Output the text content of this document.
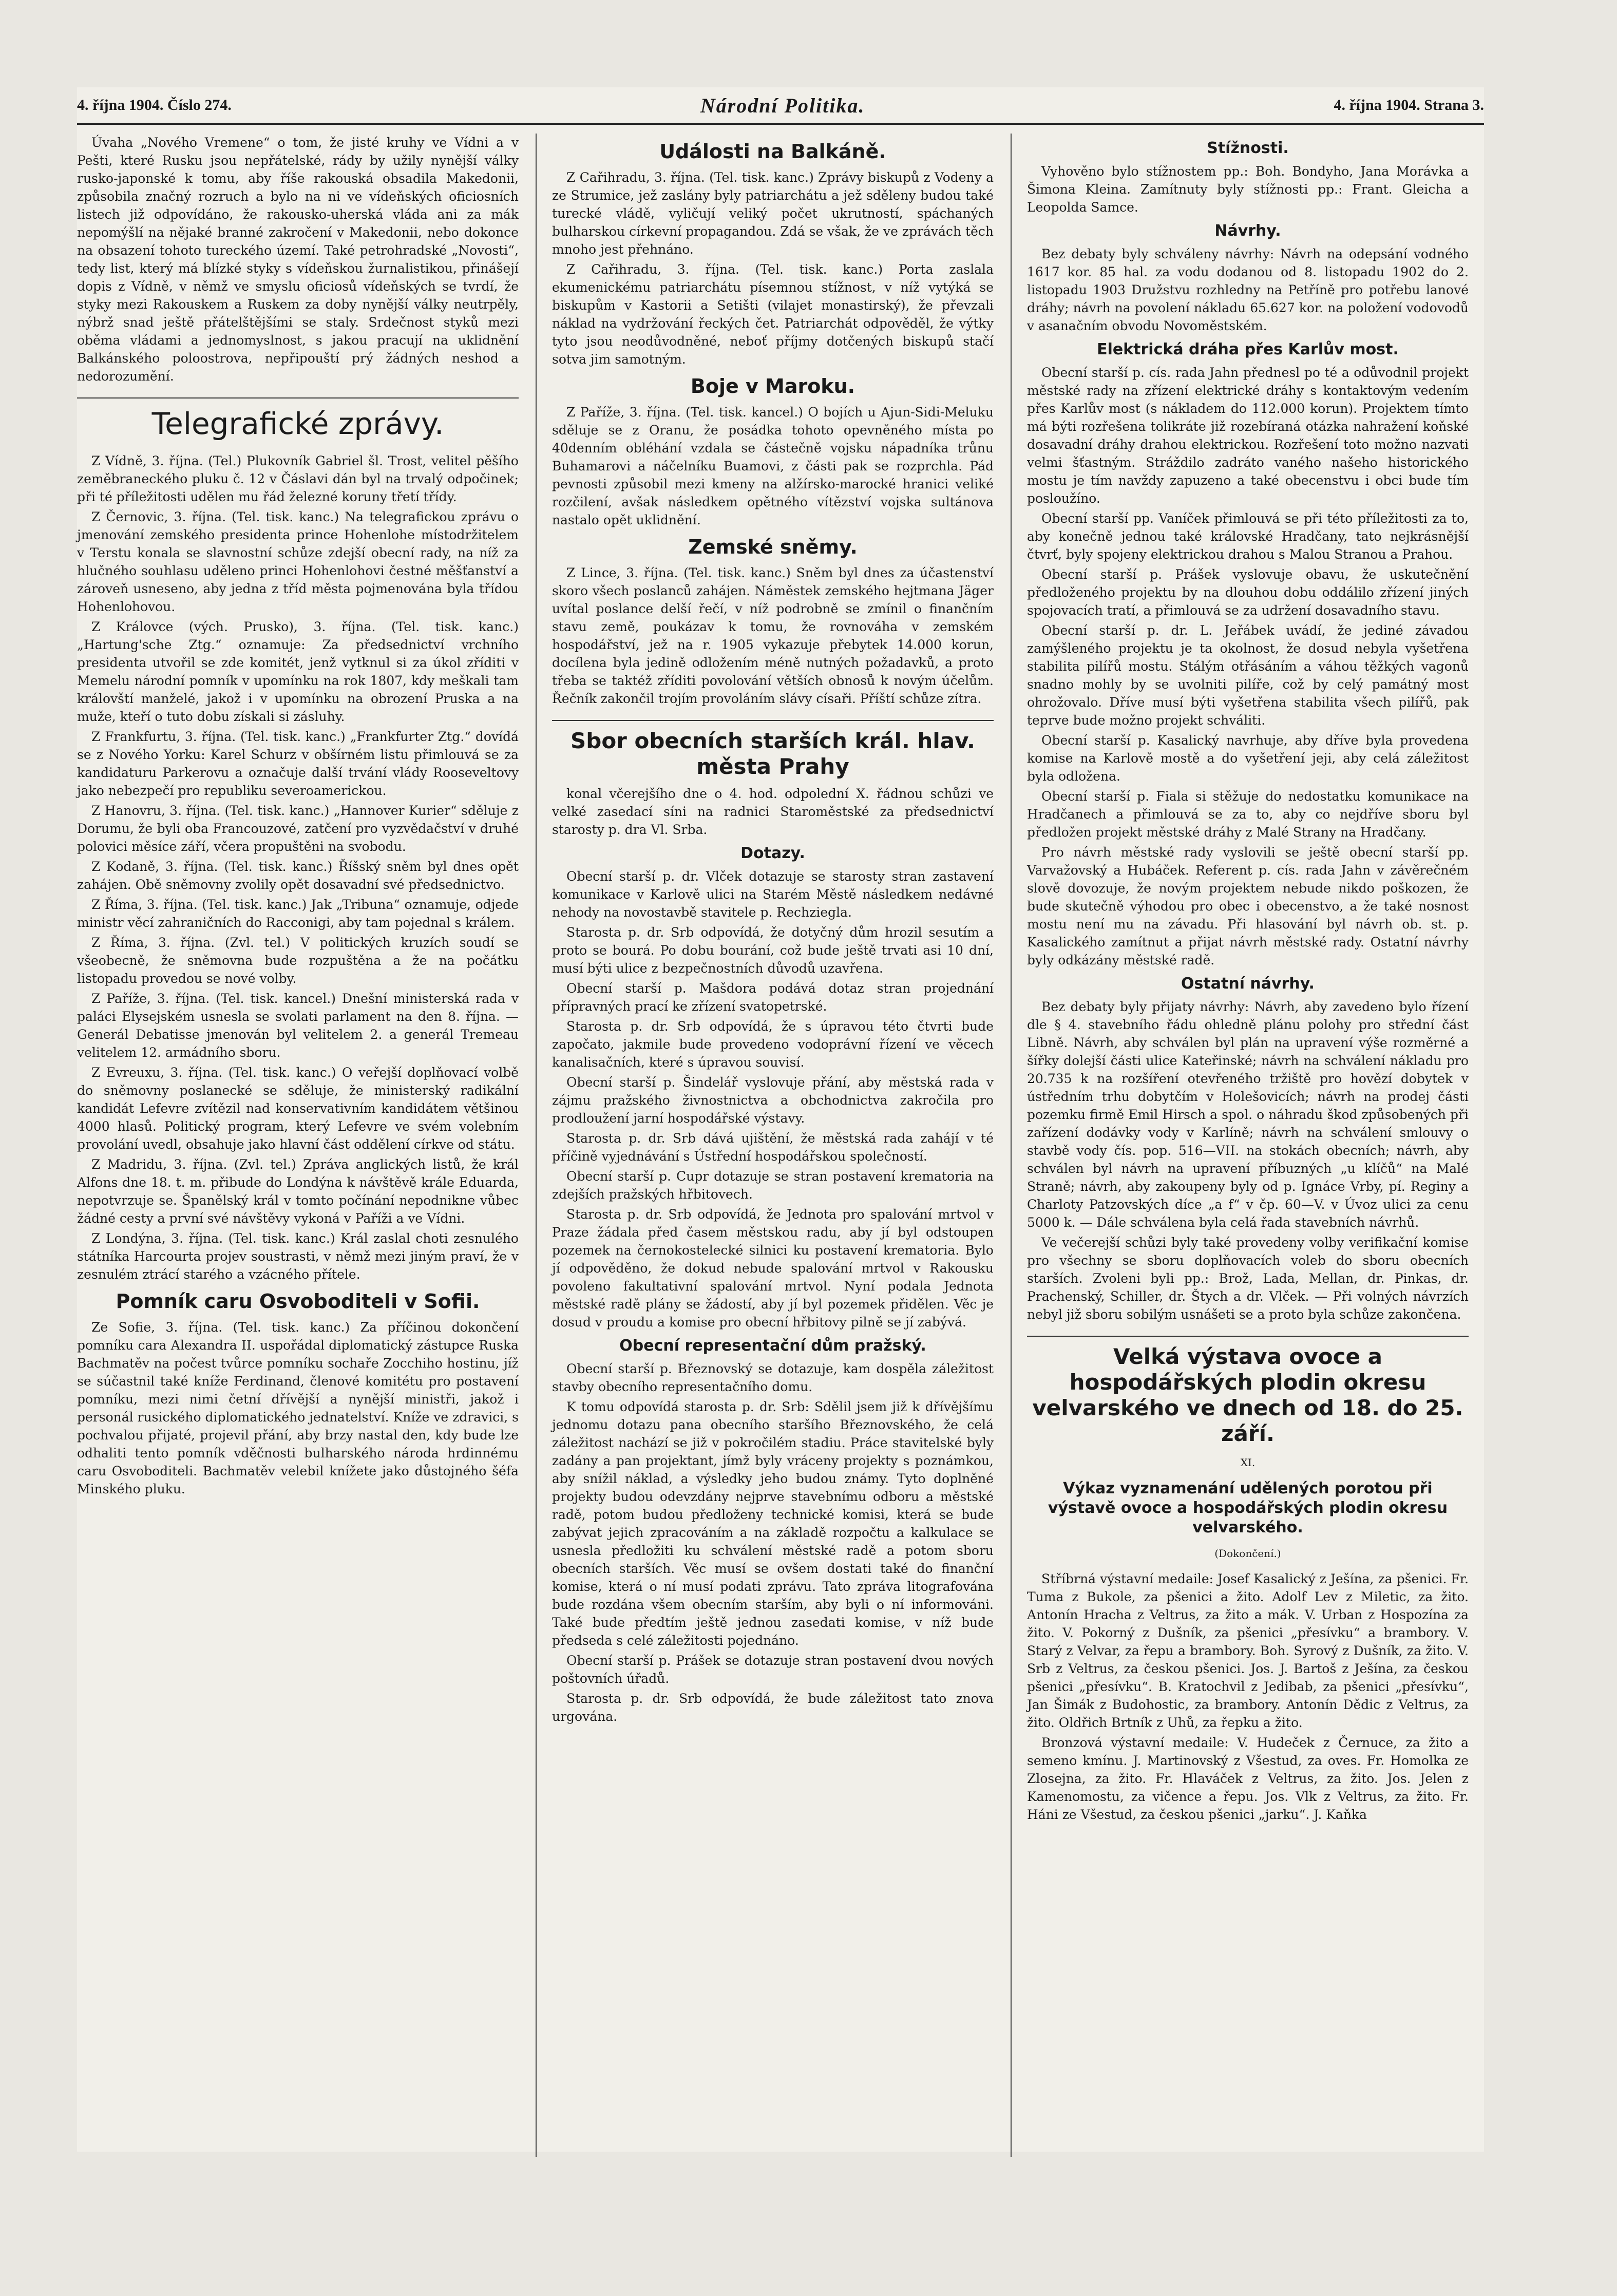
4. října 1904. Číslo 274.	Národní Politika.	4. října 1904. Strana 3.

Úvaha „Nového Vremene“ o tom, že jisté kruhy ve Vídni a v Pešti, které Rusku jsou nepřátelské, rády by užily nynější války rusko-japonské k tomu, aby říše rakouská obsadila Makedonii, způsobila značný rozruch a bylo na ni ve vídeňských oficiosních listech již odpovídáno, že rakousko-uherská vláda ani za mák nepomýšlí na nějaké branné zakročení v Makedonii, nebo dokonce na obsazení tohoto tureckého území. Také petrohradské „Novosti“, tedy list, který má blízké styky s vídeňskou žurnalistikou, přinášejí dopis z Vídně, v němž ve smyslu oficiosů vídeňských se tvrdí, že styky mezi Rakouskem a Ruskem za doby nynější války neutrpěly, nýbrž snad ještě přátelštějšími se staly. Srdečnost styků mezi oběma vládami a jednomyslnost, s jakou pracují na uklidnění Balkánského poloostrova, nepřipouští prý žádných neshod a nedorozumění.

Telegrafické zprávy.

Z Vídně, 3. října. (Tel.) Plukovník Gabriel šl. Trost, velitel pěšího zeměbraneckého pluku č. 12 v Čáslavi dán byl na trvalý odpočinek; při té příležitosti udělen mu řád železné koruny třetí třídy.

Z Černovic, 3. října. (Tel. tisk. kanc.) Na telegrafickou zprávu o jmenování zemského presidenta prince Hohenlohe místodržitelem v Terstu konala se slavnostní schůze zdejší obecní rady, na níž za hlučného souhlasu uděleno princi Hohenlohovi čestné měšťanství a zároveň usneseno, aby jedna z tříd města pojmenována byla třídou Hohenlohovou.

Z Královce (vých. Prusko), 3. října. (Tel. tisk. kanc.) „Hartung'sche Ztg.“ oznamuje: Za předsednictví vrchního presidenta utvořil se zde komitét, jenž vytknul si za úkol zříditi v Memelu národní pomník v upomínku na rok 1807, kdy meškali tam královští manželé, jakož i v upomínku na obrození Pruska a na muže, kteří o tuto dobu získali si zásluhy.

Z Frankfurtu, 3. října. (Tel. tisk. kanc.) „Frankfurter Ztg.“ dovídá se z Nového Yorku: Karel Schurz v obšírném listu přimlouvá se za kandidaturu Parkerovu a označuje další trvání vlády Rooseveltovy jako nebezpečí pro republiku severoamerickou.

Z Hanovru, 3. října. (Tel. tisk. kanc.) „Hannover Kurier“ sděluje z Dorumu, že byli oba Francouzové, zatčení pro vyzvědačství v druhé polovici měsíce září, včera propuštěni na svobodu.

Z Kodaně, 3. října. (Tel. tisk. kanc.) Říšský sněm byl dnes opět zahájen. Obě sněmovny zvolily opět dosavadní své předsednictvo.

Z Říma, 3. října. (Tel. tisk. kanc.) Jak „Tribuna“ oznamuje, odjede ministr věcí zahraničních do Racconigi, aby tam pojednal s králem.

Z Říma, 3. října. (Zvl. tel.) V politických kruzích soudí se všeobecně, že sněmovna bude rozpuštěna a že na počátku listopadu provedou se nové volby.

Z Paříže, 3. října. (Tel. tisk. kancel.) Dnešní ministerská rada v paláci Elysejském usnesla se svolati parlament na den 8. října. — Generál Debatisse jmenován byl velitelem 2. a generál Tremeau velitelem 12. armádního sboru.

Z Evreuxu, 3. října. (Tel. tisk. kanc.) O veřejší doplňovací volbě do sněmovny poslanecké se sděluje, že ministerský radikální kandidát Lefevre zvítězil nad konservativním kandidátem většinou 4000 hlasů. Politický program, který Lefevre ve svém volebním provolání uvedl, obsahuje jako hlavní část oddělení církve od státu.

Z Madridu, 3. října. (Zvl. tel.) Zpráva anglických listů, že král Alfons dne 18. t. m. přibude do Londýna k návštěvě krále Eduarda, nepotvrzuje se. Španělský král v tomto počínání nepodnikne vůbec žádné cesty a první své návštěvy vykoná v Paříži a ve Vídni.

Z Londýna, 3. října. (Tel. tisk. kanc.) Král zaslal choti zesnulého státníka Harcourta projev soustrasti, v němž mezi jiným praví, že v zesnulém ztrácí starého a vzácného přítele.

Pomník caru Osvoboditeli v Sofii.

Ze Sofie, 3. října. (Tel. tisk. kanc.) Za příčinou dokončení pomníku cara Alexandra II. uspořádal diplomatický zástupce Ruska Bachmatěv na počest tvůrce pomníku sochaře Zocchiho hostinu, jíž se súčastnil také kníže Ferdinand, členové komitétu pro postavení pomníku, mezi nimi četní dřívější a nynější ministři, jakož i personál rusického diplomatického jednatelství. Kníže ve zdravici, s pochvalou přijaté, projevil přání, aby brzy nastal den, kdy bude lze odhaliti tento pomník vděčnosti bulharského národa hrdinnému caru Osvoboditeli. Bachmatěv velebil knížete jako důstojného šéfa Minského pluku.

Události na Balkáně.

Z Cařihradu, 3. října. (Tel. tisk. kanc.) Zprávy biskupů z Vodeny a ze Strumice, jež zaslány byly patriarchátu a jež sděleny budou také turecké vládě, vyličují veliký počet ukrutností, spáchaných bulharskou církevní propagandou. Zdá se však, že ve zprávách těch mnoho jest přehnáno.

Z Cařihradu, 3. října. (Tel. tisk. kanc.) Porta zaslala ekumenickému patriarchátu písemnou stížnost, v níž vytýká se biskupům v Kastorii a Setišti (vilajet monastirský), že převzali náklad na vydržování řeckých čet. Patriarchát odpověděl, že výtky tyto jsou neodůvodněné, neboť příjmy dotčených biskupů stačí sotva jim samotným.

Boje v Maroku.

Z Paříže, 3. října. (Tel. tisk. kancel.) O bojích u Ajun-Sidi-Meluku sděluje se z Oranu, že posádka tohoto opevněného místa po 40denním obléhání vzdala se částečně vojsku nápadníka trůnu Buhamarovi a náčelníku Buamovi, z části pak se rozprchla. Pád pevnosti způsobil mezi kmeny na alžírsko-marocké hranici veliké rozčilení, avšak následkem opětného vítězství vojska sultánova nastalo opět uklidnění.

Zemské sněmy.

Z Lince, 3. října. (Tel. tisk. kanc.) Sněm byl dnes za účastenství skoro všech poslanců zahájen. Náměstek zemského hejtmana Jäger uvítal poslance delší řečí, v níž podrobně se zmínil o finančním stavu země, poukázav k tomu, že rovnováha v zemském hospodářství, jež na r. 1905 vykazuje přebytek 14.000 korun, docílena byla jedině odložením méně nutných požadavků, a proto třeba se taktéž zříditi povolování větších obnosů k novým účelům. Řečník zakončil trojím provoláním slávy císaři. Příští schůze zítra.

Sbor obecních starších král. hlav. města Prahy

konal včerejšího dne o 4. hod. odpolední X. řádnou schůzi ve velké zasedací síni na radnici Staroměstské za předsednictví starosty p. dra Vl. Srba.

Dotazy.

Obecní starší p. dr. Vlček dotazuje se starosty stran zastavení komunikace v Karlově ulici na Starém Městě následkem nedávné nehody na novostavbě stavitele p. Rechziegla.

Starosta p. dr. Srb odpovídá, že dotyčný dům hrozil sesutím a proto se bourá. Po dobu bourání, což bude ještě trvati asi 10 dní, musí býti ulice z bezpečnostních důvodů uzavřena.

Obecní starší p. Mašdora podává dotaz stran projednání přípravných prací ke zřízení svatopetrské.

Starosta p. dr. Srb odpovídá, že s úpravou této čtvrti bude započato, jakmile bude provedeno vodoprávní řízení ve věcech kanalisačních, které s úpravou souvisí.

Obecní starší p. Šindelář vyslovuje přání, aby městská rada v zájmu pražského živnostnictva a obchodnictva zakročila pro prodloužení jarní hospodářské výstavy.

Starosta p. dr. Srb dává ujištění, že městská rada zahájí v té příčině vyjednávání s Ústřední hospodářskou společností.

Obecní starší p. Cupr dotazuje se stran postavení krematoria na zdejších pražských hřbitovech.

Starosta p. dr. Srb odpovídá, že Jednota pro spalování mrtvol v Praze žádala před časem městskou radu, aby jí byl odstoupen pozemek na černokostelecké silnici ku postavení krematoria. Bylo jí odpověděno, že dokud nebude spalování mrtvol v Rakousku povoleno fakultativní spalování mrtvol. Nyní podala Jednota městské radě plány se žádostí, aby jí byl pozemek přidělen. Věc je dosud v proudu a komise pro obecní hřbitovy pilně se jí zabývá.

Obecní representační dům pražský.

Obecní starší p. Březnovský se dotazuje, kam dospěla záležitost stavby obecního representačního domu.

K tomu odpovídá starosta p. dr. Srb: Sdělil jsem již k dřívějšímu jednomu dotazu pana obecního staršího Březnovského, že celá záležitost nachází se již v pokročilém stadiu. Práce stavitelské byly zadány a pan projektant, jímž byly vráceny projekty s poznámkou, aby snížil náklad, a výsledky jeho budou známy. Tyto doplněné projekty budou odevzdány nejprve stavebnímu odboru a městské radě, potom budou předloženy technické komisi, která se bude zabývat jejich zpracováním a na základě rozpočtu a kalkulace se usnesla předložiti ku schválení městské radě a potom sboru obecních starších. Věc musí se ovšem dostati také do finanční komise, která o ní musí podati zprávu. Tato zpráva litografována bude rozdána všem obecním starším, aby byli o ní informováni. Také bude předtím ještě jednou zasedati komise, v níž bude předseda s celé záležitosti pojednáno.

Obecní starší p. Prášek se dotazuje stran postavení dvou nových poštovních úřadů.

Starosta p. dr. Srb odpovídá, že bude záležitost tato znova urgována.

Stížnosti.

Vyhověno bylo stížnostem pp.: Boh. Bondyho, Jana Morávka a Šimona Kleina. Zamítnuty byly stížnosti pp.: Frant. Gleicha a Leopolda Samce.

Návrhy.

Bez debaty byly schváleny návrhy: Návrh na odepsání vodného 1617 kor. 85 hal. za vodu dodanou od 8. listopadu 1902 do 2. listopadu 1903 Družstvu rozhledny na Petříně pro potřebu lanové dráhy; návrh na povolení nákladu 65.627 kor. na položení vodovodů v asanačním obvodu Novoměstském.

Elektrická dráha přes Karlův most.

Obecní starší p. cís. rada Jahn přednesl po té a odůvodnil projekt městské rady na zřízení elektrické dráhy s kontaktovým vedením přes Karlův most (s nákladem do 112.000 korun). Projektem tímto má býti rozřešena tolikráte již rozebíraná otázka nahražení koňské dosavadní dráhy drahou elektrickou. Rozřešení toto možno nazvati velmi šťastným. Stráždilo zadráto vaného našeho historického mostu je tím navždy zapuzeno a také obecenstvu i obci bude tím posloužíno.

Obecní starší pp. Vaníček přimlouvá se při této příležitosti za to, aby konečně jednou také královské Hradčany, tato nejkrásnější čtvrť, byly spojeny elektrickou drahou s Malou Stranou a Prahou.

Obecní starší p. Prášek vyslovuje obavu, že uskutečnění předloženého projektu by na dlouhou dobu oddálilo zřízení jiných spojovacích tratí, a přimlouvá se za udržení dosavadního stavu.

Obecní starší p. dr. L. Jeřábek uvádí, že jediné závadou zamýšleného projektu je ta okolnost, že dosud nebyla vyšetřena stabilita pilířů mostu. Stálým otřásáním a váhou těžkých vagonů snadno mohly by se uvolniti pilíře, což by celý památný most ohrožovalo. Dříve musí býti vyšetřena stabilita všech pilířů, pak teprve bude možno projekt schváliti.

Obecní starší p. Kasalický navrhuje, aby dříve byla provedena komise na Karlově mostě a do vyšetření jeji, aby celá záležitost byla odložena.

Obecní starší p. Fiala si stěžuje do nedostatku komunikace na Hradčanech a přimlouvá se za to, aby co nejdříve sboru byl předložen projekt městské dráhy z Malé Strany na Hradčany.

Pro návrh městské rady vyslovili se ještě obecní starší pp. Varvažovský a Hubáček. Referent p. cís. rada Jahn v závěrečném slově dovozuje, že novým projektem nebude nikdo poškozen, že bude skutečně výhodou pro obec i obecenstvo, a že také nosnost mostu není mu na závadu. Při hlasování byl návrh ob. st. p. Kasalického zamítnut a přijat návrh městské rady. Ostatní návrhy byly odkázány městské radě.

Ostatní návrhy.

Bez debaty byly přijaty návrhy: Návrh, aby zavedeno bylo řízení dle § 4. stavebního řádu ohledně plánu polohy pro střední část Libně. Návrh, aby schválen byl plán na upravení výše rozměrné a šířky dolejší části ulice Kateřinské; návrh na schválení nákladu pro 20.735 k na rozšíření otevřeného tržiště pro hovězí dobytek v ústředním trhu dobytčím v Holešovicích; návrh na prodej části pozemku firmě Emil Hirsch a spol. o náhradu škod způsobených při zařízení dodávky vody v Karlíně; návrh na schválení smlouvy o stavbě vody čís. pop. 516—VII. na stokách obecních; návrh, aby schválen byl návrh na upravení příbuzných „u klíčů“ na Malé Straně; návrh, aby zakoupeny byly od p. Ignáce Vrby, pí. Reginy a Charloty Patzovských díce „a f“ v čp. 60—V. v Úvoz ulici za cenu 5000 k. — Dále schválena byla celá řada stavebních návrhů.

Ve večerejší schůzi byly také provedeny volby verifikační komise pro všechny se sboru doplňovacích voleb do sboru obecních starších. Zvoleni byli pp.: Brož, Lada, Mellan, dr. Pinkas, dr. Prachenský, Schiller, dr. Štych a dr. Vlček. — Při volných návrzích nebyl již sboru sobilým usnášeti se a proto byla schůze zakončena.

Velká výstava ovoce a hospodářských plodin okresu velvarského ve dnech od 18. do 25. září.
XI.
Výkaz vyznamenání udělených porotou při výstavě ovoce a hospodářských plodin okresu velvarského.
(Dokončení.)

Stříbrná výstavní medaile: Josef Kasalický z Ješína, za pšenici. Fr. Tuma z Bukole, za pšenici a žito. Adolf Lev z Miletic, za žito. Antonín Hracha z Veltrus, za žito a mák. V. Urban z Hospozína za žito. V. Pokorný z Dušník, za pšenici „přesívku“ a brambory. V. Starý z Velvar, za řepu a brambory. Boh. Syrový z Dušník, za žito. V. Srb z Veltrus, za českou pšenici. Jos. J. Bartoš z Ješína, za českou pšenici „přesívku“. B. Kratochvil z Jedibab, za pšenici „přesívku“, Jan Šimák z Budohostic, za brambory. Antonín Dědic z Veltrus, za žito. Oldřich Brtník z Uhů, za řepku a žito.

Bronzová výstavní medaile: V. Hudeček z Černuce, za žito a semeno kmínu. J. Martinovský z Všestud, za oves. Fr. Homolka ze Zlosejna, za žito. Fr. Hlaváček z Veltrus, za žito. Jos. Jelen z Kamenomostu, za vičence a řepu. Jos. Vlk z Veltrus, za žito. Fr. Háni ze Všestud, za českou pšenici „jarku“. J. Kaňka
